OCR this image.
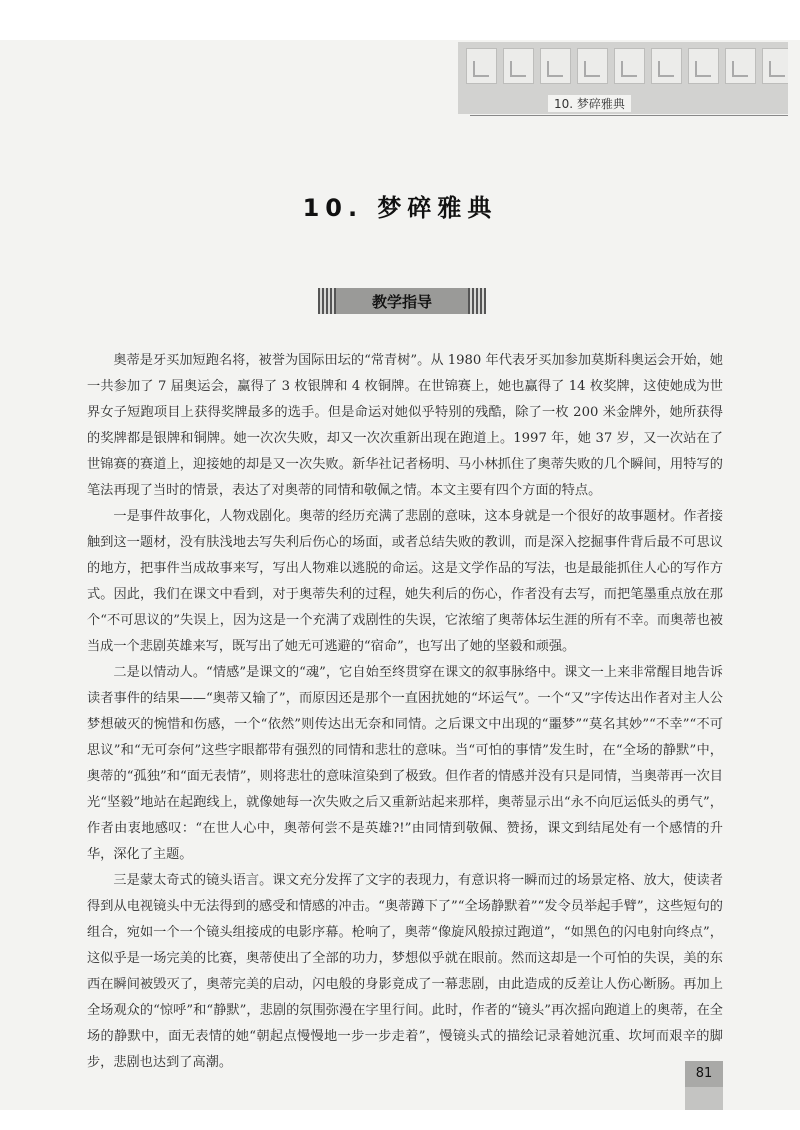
10. 梦碎雅典
10. 梦碎雅典
教学指导

奥蒂是牙买加短跑名将，被誉为国际田坛的“常青树”。从 1980 年代表牙买加参加莫斯科奥运会开始，她一共参加了 7 届奥运会，赢得了 3 枚银牌和 4 枚铜牌。在世锦赛上，她也赢得了 14 枚奖牌，这使她成为世界女子短跑项目上获得奖牌最多的选手。但是命运对她似乎特别的残酷，除了一枚 200 米金牌外，她所获得的奖牌都是银牌和铜牌。她一次次失败，却又一次次重新出现在跑道上。1997 年，她 37 岁，又一次站在了世锦赛的赛道上，迎接她的却是又一次失败。新华社记者杨明、马小林抓住了奥蒂失败的几个瞬间，用特写的笔法再现了当时的情景，表达了对奥蒂的同情和敬佩之情。本文主要有四个方面的特点。

一是事件故事化，人物戏剧化。奥蒂的经历充满了悲剧的意味，这本身就是一个很好的故事题材。作者接触到这一题材，没有肤浅地去写失利后伤心的场面，或者总结失败的教训，而是深入挖掘事件背后最不可思议的地方，把事件当成故事来写，写出人物难以逃脱的命运。这是文学作品的写法，也是最能抓住人心的写作方式。因此，我们在课文中看到，对于奥蒂失利的过程，她失利后的伤心，作者没有去写，而把笔墨重点放在那个“不可思议的”失误上，因为这是一个充满了戏剧性的失误，它浓缩了奥蒂体坛生涯的所有不幸。而奥蒂也被当成一个悲剧英雄来写，既写出了她无可逃避的“宿命”，也写出了她的坚毅和顽强。

二是以情动人。“情感”是课文的“魂”，它自始至终贯穿在课文的叙事脉络中。课文一上来非常醒目地告诉读者事件的结果——“奥蒂又输了”，而原因还是那个一直困扰她的“坏运气”。一个“又”字传达出作者对主人公梦想破灭的惋惜和伤感，一个“依然”则传达出无奈和同情。之后课文中出现的“噩梦”“莫名其妙”“不幸”“不可思议”和“无可奈何”这些字眼都带有强烈的同情和悲壮的意味。当“可怕的事情”发生时，在“全场的静默”中，奥蒂的“孤独”和“面无表情”，则将悲壮的意味渲染到了极致。但作者的情感并没有只是同情，当奥蒂再一次目光“坚毅”地站在起跑线上，就像她每一次失败之后又重新站起来那样，奥蒂显示出“永不向厄运低头的勇气”，作者由衷地感叹：“在世人心中，奥蒂何尝不是英雄?!”由同情到敬佩、赞扬，课文到结尾处有一个感情的升华，深化了主题。

三是蒙太奇式的镜头语言。课文充分发挥了文字的表现力，有意识将一瞬而过的场景定格、放大，使读者得到从电视镜头中无法得到的感受和情感的冲击。“奥蒂蹲下了”“全场静默着”“发令员举起手臂”，这些短句的组合，宛如一个一个镜头组接成的电影序幕。枪响了，奥蒂“像旋风般掠过跑道”，“如黑色的闪电射向终点”，这似乎是一场完美的比赛，奥蒂使出了全部的功力，梦想似乎就在眼前。然而这却是一个可怕的失误，美的东西在瞬间被毁灭了，奥蒂完美的启动，闪电般的身影竟成了一幕悲剧，由此造成的反差让人伤心断肠。再加上全场观众的“惊呼”和“静默”，悲剧的氛围弥漫在字里行间。此时，作者的“镜头”再次摇向跑道上的奥蒂，在全场的静默中，面无表情的她“朝起点慢慢地一步一步走着”，慢镜头式的描绘记录着她沉重、坎坷而艰辛的脚步，悲剧也达到了高潮。

81
